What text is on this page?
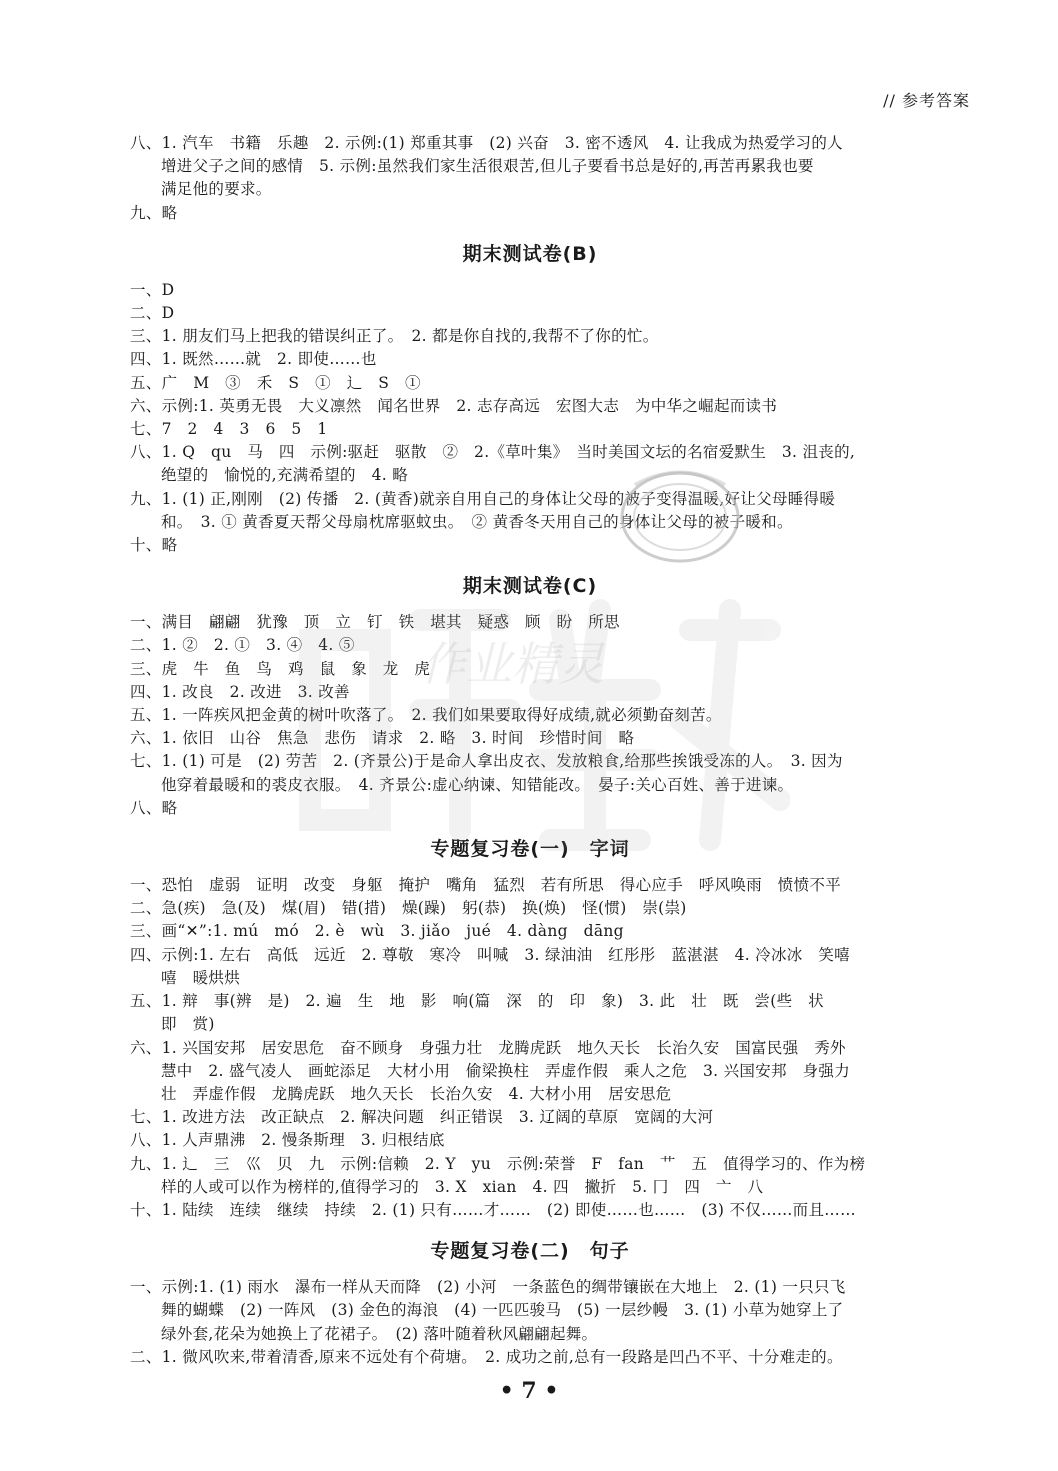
// 参考答案
八、1. 汽车　书籍　乐趣　2. 示例:(1) 郑重其事　(2) 兴奋　3. 密不透风　4. 让我成为热爱学习的人
增进父子之间的感情　5. 示例:虽然我们家生活很艰苦,但儿子要看书总是好的,再苦再累我也要
满足他的要求。
九、略
期末测试卷(B)
一、D
二、D
三、1. 朋友们马上把我的错误纠正了。　2. 都是你自找的,我帮不了你的忙。
四、1. 既然……就　2. 即使……也
五、广　M　③　禾　S　①　辶　S　①
六、示例:1. 英勇无畏　大义凛然　闻名世界　2. 志存高远　宏图大志　为中华之崛起而读书
七、7　2　4　3　6　5　1
八、1. Q　qu　马　四　示例:驱赶　驱散　②　2.《草叶集》　当时美国文坛的名宿爱默生　3. 沮丧的,
绝望的　愉悦的,充满希望的　4. 略
九、1. (1) 正,刚刚　(2) 传播　2. (黄香)就亲自用自己的身体让父母的被子变得温暖,好让父母睡得暖
和。　3. ① 黄香夏天帮父母扇枕席驱蚊虫。　② 黄香冬天用自己的身体让父母的被子暖和。
十、略
期末测试卷(C)
一、满目　翩翩　犹豫　顶　立　钉　铁　堪其　疑惑　顾　盼　所思
二、1. ②　2. ①　3. ④　4. ⑤
三、虎　牛　鱼　鸟　鸡　鼠　象　龙　虎
四、1. 改良　2. 改进　3. 改善
五、1. 一阵疾风把金黄的树叶吹落了。　2. 我们如果要取得好成绩,就必须勤奋刻苦。
六、1. 依旧　山谷　焦急　悲伤　请求　2. 略　3. 时间　珍惜时间　略
七、1. (1) 可是　(2) 劳苦　2. (齐景公)于是命人拿出皮衣、发放粮食,给那些挨饿受冻的人。　3. 因为
他穿着最暖和的裘皮衣服。　4. 齐景公:虚心纳谏、知错能改。　晏子:关心百姓、善于进谏。
八、略
专题复习卷(一)　字词
一、恐怕　虚弱　证明　改变　身躯　掩护　嘴角　猛烈　若有所思　得心应手　呼风唤雨　愤愤不平
二、急(疾)　急(及)　煤(眉)　错(措)　燥(躁)　躬(恭)　换(焕)　怪(惯)　崇(祟)
三、画“✕”:1. mú　mó　2. è　wù　3. jiǎo　jué　4. dàng　dāng
四、示例:1. 左右　高低　远近　2. 尊敬　寒冷　叫喊　3. 绿油油　红彤彤　蓝湛湛　4. 冷冰冰　笑嘻
嘻　暖烘烘
五、1. 辩　事(辨　是)　2. 遍　生　地　影　响(篇　深　的　印　象)　3. 此　壮　既　尝(些　状
即　赏)
六、1. 兴国安邦　居安思危　奋不顾身　身强力壮　龙腾虎跃　地久天长　长治久安　国富民强　秀外
慧中　2. 盛气凌人　画蛇添足　大材小用　偷梁换柱　弄虚作假　乘人之危　3. 兴国安邦　身强力
壮　弄虚作假　龙腾虎跃　地久天长　长治久安　4. 大材小用　居安思危
七、1. 改进方法　改正缺点　2. 解决问题　纠正错误　3. 辽阔的草原　宽阔的大河
八、1. 人声鼎沸　2. 慢条斯理　3. 归根结底
九、1. 辶　三　巛　贝　九　示例:信赖　2. Y　yu　示例:荣誉　F　fan　艹　五　值得学习的、作为榜
样的人或可以作为榜样的,值得学习的　3. X　xian　4. 四　撇折　5. 冂　四　亠　八
十、1. 陆续　连续　继续　持续　2. (1) 只有……才……　(2) 即使……也……　(3) 不仅……而且……
专题复习卷(二)　句子
一、示例:1. (1) 雨水　瀑布一样从天而降　(2) 小河　一条蓝色的绸带镶嵌在大地上　2. (1) 一只只飞
舞的蝴蝶　(2) 一阵风　(3) 金色的海浪　(4) 一匹匹骏马　(5) 一层纱幔　3. (1) 小草为她穿上了
绿外套,花朵为她换上了花裙子。　(2) 落叶随着秋风翩翩起舞。
二、1. 微风吹来,带着清香,原来不远处有个荷塘。　2. 成功之前,总有一段路是凹凸不平、十分难走的。
作业精灵
• 7 •
